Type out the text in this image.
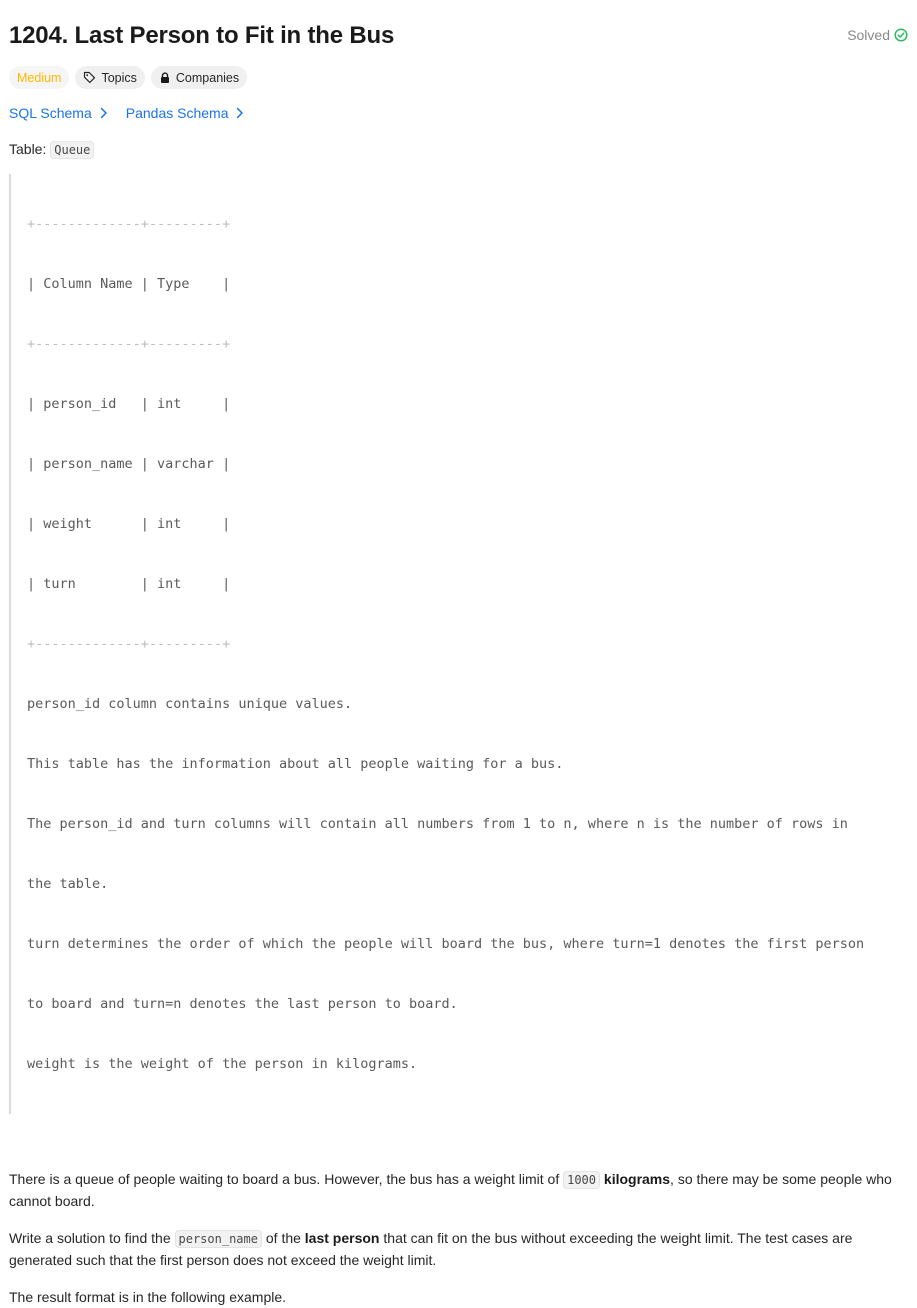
1204. Last Person to Fit in the Bus	Solved
Medium	Topics	Companies
SQL Schema Pandas Schema
Table: Queue

+-------------+---------+

| Column Name | Type    |

+-------------+---------+

| person_id   | int     |

| person_name | varchar |

| weight      | int     |

| turn        | int     |

+-------------+---------+

person_id column contains unique values.

This table has the information about all people waiting for a bus.

The person_id and turn columns will contain all numbers from 1 to n, where n is the number of rows in

the table.

turn determines the order of which the people will board the bus, where turn=1 denotes the first person

to board and turn=n denotes the last person to board.

weight is the weight of the person in kilograms.

There is a queue of people waiting to board a bus. However, the bus has a weight limit of 1000 kilograms, so there may be some people who cannot board.

Write a solution to find the person_name of the last person that can fit on the bus without exceeding the weight limit. The test cases are generated such that the first person does not exceed the weight limit.

The result format is in the following example.
